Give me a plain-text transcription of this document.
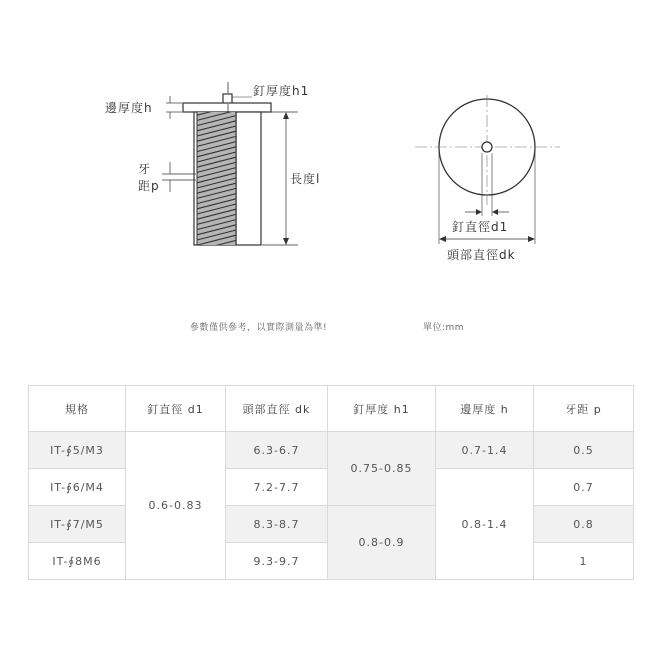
釘厚度h1
邊厚度h
牙
距p	長度l
釘直徑d1
頭部直徑dk
參數僅供參考，以實際測量為準!	單位:mm
規格	釘直徑 d1	頭部直徑 dk	釘厚度 h1	邊厚度 h	牙距 p
IT-∮5/M3	0.6-0.83	6.3-6.7	0.75-0.85	0.7-1.4	0.5
IT-∮6/M4		7.2-7.7		0.8-1.4	0.7
IT-∮7/M5		8.3-8.7	0.8-0.9		0.8
IT-∮8M6		9.3-9.7			1
